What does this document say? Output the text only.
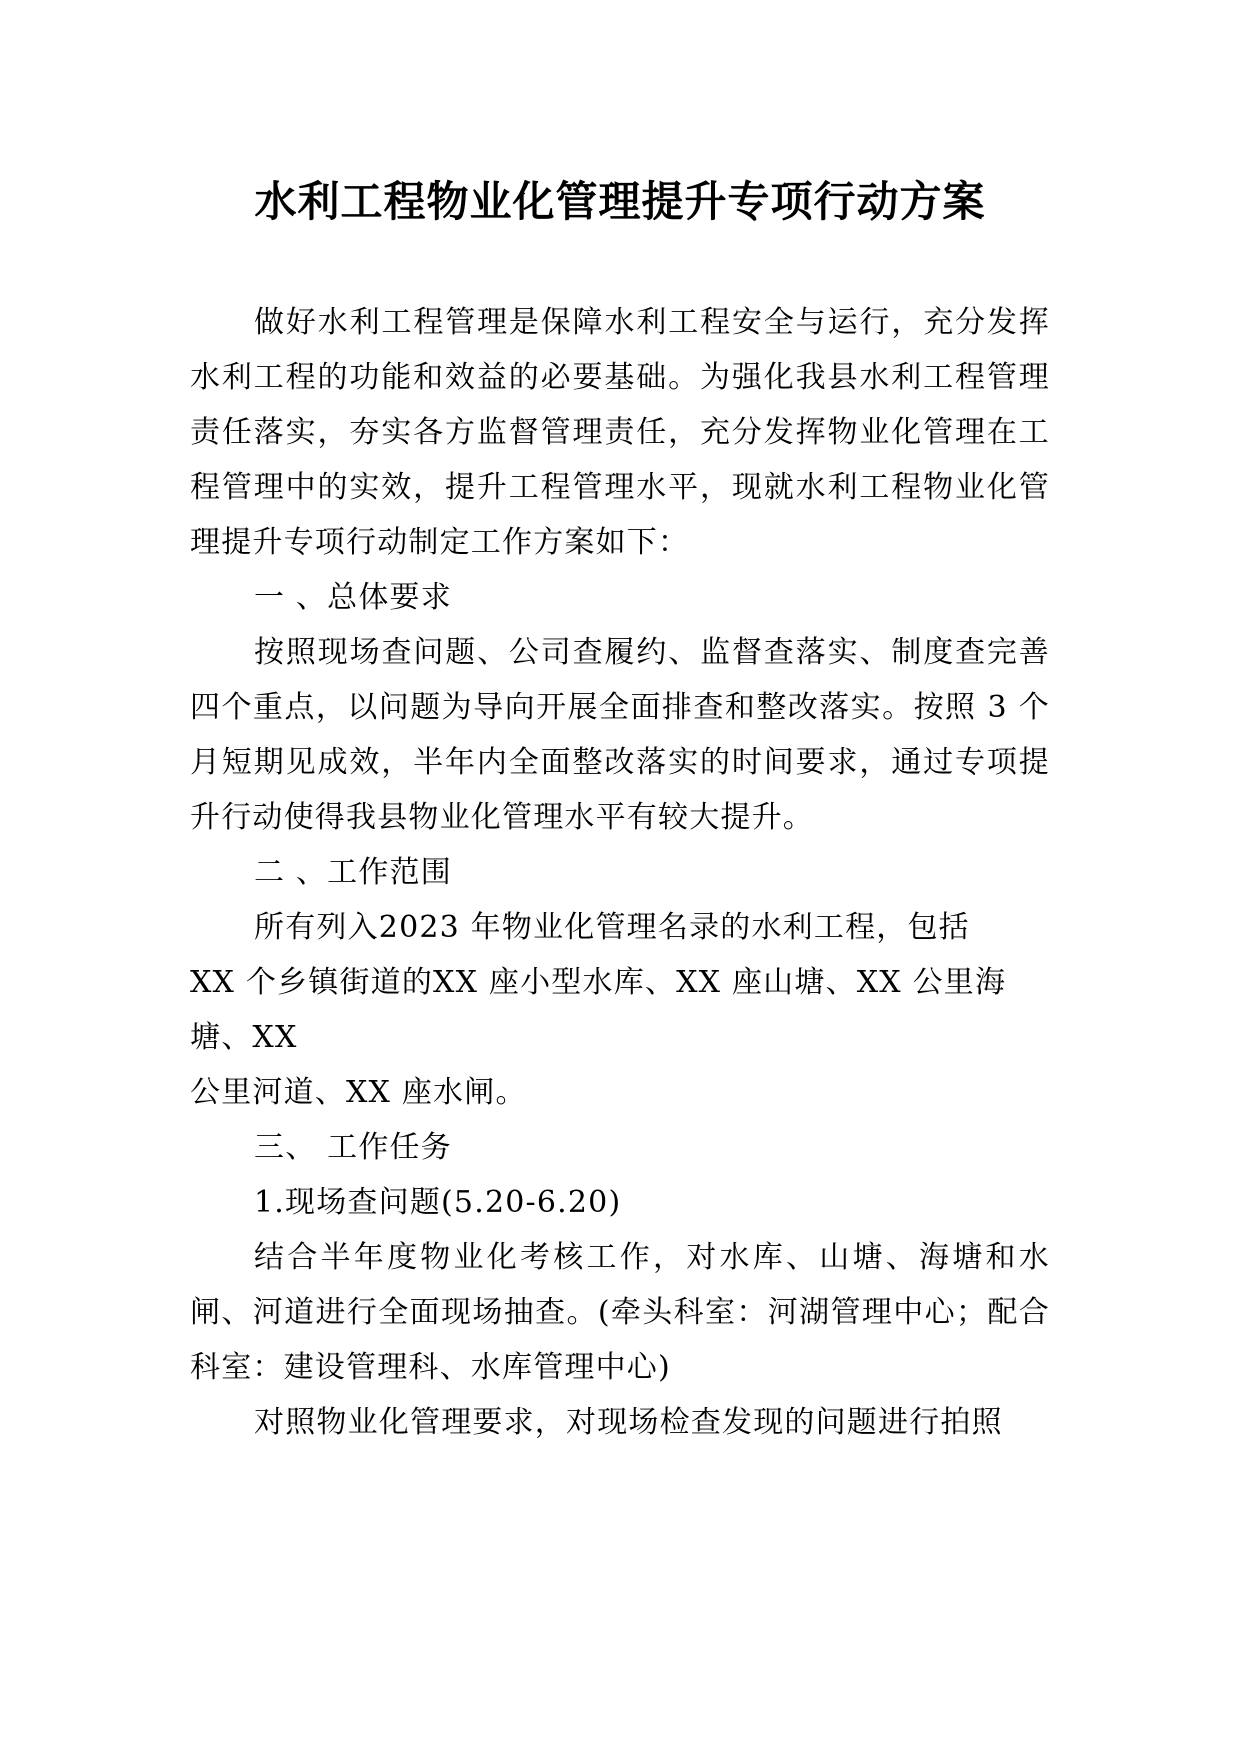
水利工程物业化管理提升专项行动方案

做好水利工程管理是保障水利工程安全与运行，充分发挥水利工程的功能和效益的必要基础。为强化我县水利工程管理责任落实，夯实各方监督管理责任，充分发挥物业化管理在工程管理中的实效，提升工程管理水平，现就水利工程物业化管理提升专项行动制定工作方案如下：

一 、总体要求

按照现场查问题、公司查履约、监督查落实、制度查完善四个重点，以问题为导向开展全面排查和整改落实。按照 3 个月短期见成效，半年内全面整改落实的时间要求，通过专项提升行动使得我县物业化管理水平有较大提升。

二 、工作范围

所有列入2023 年物业化管理名录的水利工程，包括

XX 个乡镇街道的XX 座小型水库、XX 座山塘、XX 公里海

塘、XX

公里河道、XX 座水闸。

三、 工作任务

1.现场查问题(5.20-6.20)

结合半年度物业化考核工作，对水库、山塘、海塘和水闸、河道进行全面现场抽查。(牵头科室：河湖管理中心；配合科室：建设管理科、水库管理中心)

对照物业化管理要求，对现场检查发现的问题进行拍照
